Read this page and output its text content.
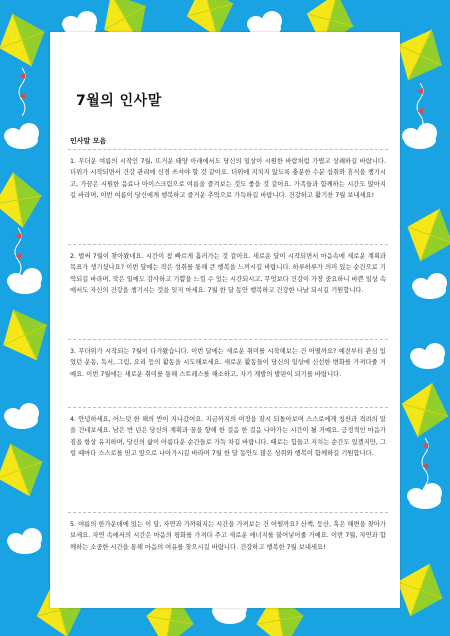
7월의 인사말
인사말 모음

1. 무더운 여름의 시작인 7월, 뜨거운 태양 아래에서도 당신의 일상이 시원한 바람처럼 가볍고 상쾌하길 바랍니다. 더위가 시작되면서 건강 관리에 신경 쓰셔야 할 것 같아요. 더위에 지치지 않도록 충분한 수분 섭취와 휴식을 챙기시고, 가끔은 시원한 음료나 아이스크림으로 여름을 즐겨보는 것도 좋을 것 같아요. 가족들과 함께하는 시간도 많아지길 바라며, 이번 여름이 당신에게 행복하고 즐거운 추억으로 가득하길 바랍니다. 건강하고 활기찬 7월 보내세요!

2. 벌써 7월이 찾아왔네요. 시간이 참 빠르게 흘러가는 것 같아요. 새로운 달이 시작되면서 마음속에 새로운 계획과 목표가 생기셨나요? 이번 달에는 작은 성취를 통해 큰 행복을 느끼시길 바랍니다. 하루하루가 의미 있는 순간으로 기억되길 바라며, 작은 일에도 감사하고 기쁨을 느낄 수 있는 시간되시고, 무엇보다 건강이 가장 중요하니 바쁜 일상 속에서도 자신의 건강을 챙기시는 것을 잊지 마세요. 7월 한 달 동안 행복하고 건강한 나날 되시길 기원합니다.

3. 무더위가 시작되는 7월이 다가왔습니다. 이번 달에는 새로운 취미를 시작해보는 건 어떨까요? 예전부터 관심 있었던 운동, 독서, 그림, 요리 등의 활동을 시도해보세요. 새로운 활동들이 당신의 일상에 신선한 변화를 가져다줄 거예요. 이번 7월에는 새로운 취미를 통해 스트레스를 해소하고, 자기 계발의 발판이 되기를 바랍니다.

4. 안녕하세요, 어느덧 한 해의 반이 지나갔어요. 지금까지의 여정을 잠시 되돌아보며 스스로에게 칭찬과 격려의 말을 건네보세요. 남은 반 년은 당신의 계획과 꿈을 향해 한 걸음 한 걸음 나아가는 시간이 될 거예요. 긍정적인 마음가짐을 항상 유지하며, 당신의 삶이 아름다운 순간들로 가득 차길 바랍니다. 때로는 힘들고 지치는 순간도 있겠지만, 그럴 때마다 스스로를 믿고 앞으로 나아가시길 바라며 7월 한 달 동안도 많은 성취와 행복이 함께하길 기원합니다.

5. 여름의 한가운데에 있는 이 달, 자연과 가까워지는 시간을 가져보는 건 어떨까요? 산책, 등산, 혹은 해변을 찾아가보세요. 자연 속에서의 시간은 마음의 평화를 가져다 주고 새로운 에너지를 불어넣어줄 거예요. 이번 7월, 자연과 함께하는 소중한 시간을 통해 마음의 여유를 찾으시길 바랍니다. 건강하고 행복한 7월 보내세요!
